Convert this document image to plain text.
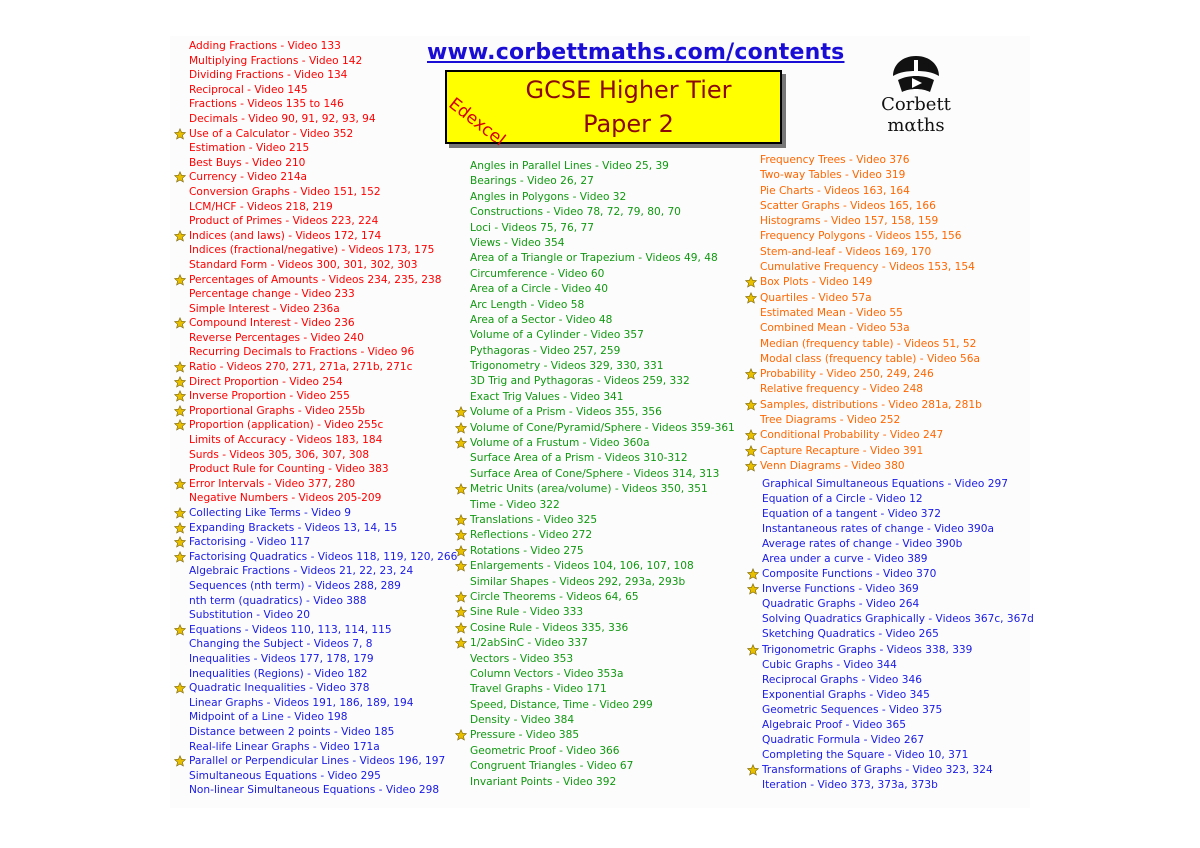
www.corbettmaths.com/contents
Edexcel
GCSE Higher Tier
Paper 2
Corbett
mαths
Adding Fractions - Video 133
Multiplying Fractions - Video 142
Dividing Fractions - Video 134
Reciprocal - Video 145
Fractions - Videos 135 to 146
Decimals - Video 90, 91, 92, 93, 94
Use of a Calculator - Video 352
Estimation - Video 215
Best Buys - Video 210
Currency - Video 214a
Conversion Graphs - Video 151, 152
LCM/HCF - Videos 218, 219
Product of Primes - Videos 223, 224
Indices (and laws) - Videos 172, 174
Indices (fractional/negative) - Videos 173, 175
Standard Form - Videos 300, 301, 302, 303
Percentages of Amounts - Videos 234, 235, 238
Percentage change - Video 233
Simple Interest - Video 236a
Compound Interest - Video 236
Reverse Percentages - Video 240
Recurring Decimals to Fractions - Video 96
Ratio - Videos 270, 271, 271a, 271b, 271c
Direct Proportion - Video 254
Inverse Proportion - Video 255
Proportional Graphs - Video 255b
Proportion (application) - Video 255c
Limits of Accuracy - Videos 183, 184
Surds - Videos 305, 306, 307, 308
Product Rule for Counting - Video 383
Error Intervals - Video 377, 280
Negative Numbers - Videos 205-209
Collecting Like Terms - Video 9
Expanding Brackets - Videos 13, 14, 15
Factorising - Video 117
Factorising Quadratics - Videos 118, 119, 120, 266
Algebraic Fractions - Videos 21, 22, 23, 24
Sequences (nth term) - Videos 288, 289
nth term (quadratics) - Video 388
Substitution - Video 20
Equations - Videos 110, 113, 114, 115
Changing the Subject - Videos 7, 8
Inequalities - Videos 177, 178, 179
Inequalities (Regions) - Video 182
Quadratic Inequalities - Video 378
Linear Graphs - Videos 191, 186, 189, 194
Midpoint of a Line - Video 198
Distance between 2 points - Video 185
Real-life Linear Graphs - Video 171a
Parallel or Perpendicular Lines - Videos 196, 197
Simultaneous Equations - Video 295
Non-linear Simultaneous Equations - Video 298
Angles in Parallel Lines - Video 25, 39
Bearings - Video 26, 27
Angles in Polygons - Video 32
Constructions - Video 78, 72, 79, 80, 70
Loci - Videos 75, 76, 77
Views - Video 354
Area of a Triangle or Trapezium - Videos 49, 48
Circumference - Video 60
Area of a Circle - Video 40
Arc Length - Video 58
Area of a Sector - Video 48
Volume of a Cylinder - Video 357
Pythagoras - Video 257, 259
Trigonometry - Videos 329, 330, 331
3D Trig and Pythagoras - Videos 259, 332
Exact Trig Values - Video 341
Volume of a Prism - Videos 355, 356
Volume of Cone/Pyramid/Sphere - Videos 359-361
Volume of a Frustum - Video 360a
Surface Area of a Prism - Videos 310-312
Surface Area of Cone/Sphere - Videos 314, 313
Metric Units (area/volume) - Videos 350, 351
Time - Video 322
Translations - Video 325
Reflections - Video 272
Rotations - Video 275
Enlargements - Videos 104, 106, 107, 108
Similar Shapes - Videos 292, 293a, 293b
Circle Theorems - Videos 64, 65
Sine Rule - Video 333
Cosine Rule - Videos 335, 336
1/2abSinC - Video 337
Vectors - Video 353
Column Vectors - Video 353a
Travel Graphs - Video 171
Speed, Distance, Time - Video 299
Density - Video 384
Pressure - Video 385
Geometric Proof - Video 366
Congruent Triangles - Video 67
Invariant Points - Video 392
Frequency Trees - Video 376
Two-way Tables - Video 319
Pie Charts - Videos 163, 164
Scatter Graphs - Videos 165, 166
Histograms - Video 157, 158, 159
Frequency Polygons - Videos 155, 156
Stem-and-leaf - Videos 169, 170
Cumulative Frequency - Videos 153, 154
Box Plots - Video 149
Quartiles - Video 57a
Estimated Mean - Video 55
Combined Mean - Video 53a
Median (frequency table) - Videos 51, 52
Modal class (frequency table) - Video 56a
Probability - Video 250, 249, 246
Relative frequency - Video 248
Samples, distributions - Video 281a, 281b
Tree Diagrams - Video 252
Conditional Probability - Video 247
Capture Recapture - Video 391
Venn Diagrams - Video 380
Graphical Simultaneous Equations - Video 297
Equation of a Circle - Video 12
Equation of a tangent - Video 372
Instantaneous rates of change - Video 390a
Average rates of change - Video 390b
Area under a curve - Video 389
Composite Functions - Video 370
Inverse Functions - Video 369
Quadratic Graphs - Video 264
Solving Quadratics Graphically - Videos 367c, 367d
Sketching Quadratics - Video 265
Trigonometric Graphs - Videos 338, 339
Cubic Graphs - Video 344
Reciprocal Graphs - Video 346
Exponential Graphs - Video 345
Geometric Sequences - Video 375
Algebraic Proof - Video 365
Quadratic Formula - Video 267
Completing the Square - Video 10, 371
Transformations of Graphs - Video 323, 324
Iteration - Video 373, 373a, 373b
